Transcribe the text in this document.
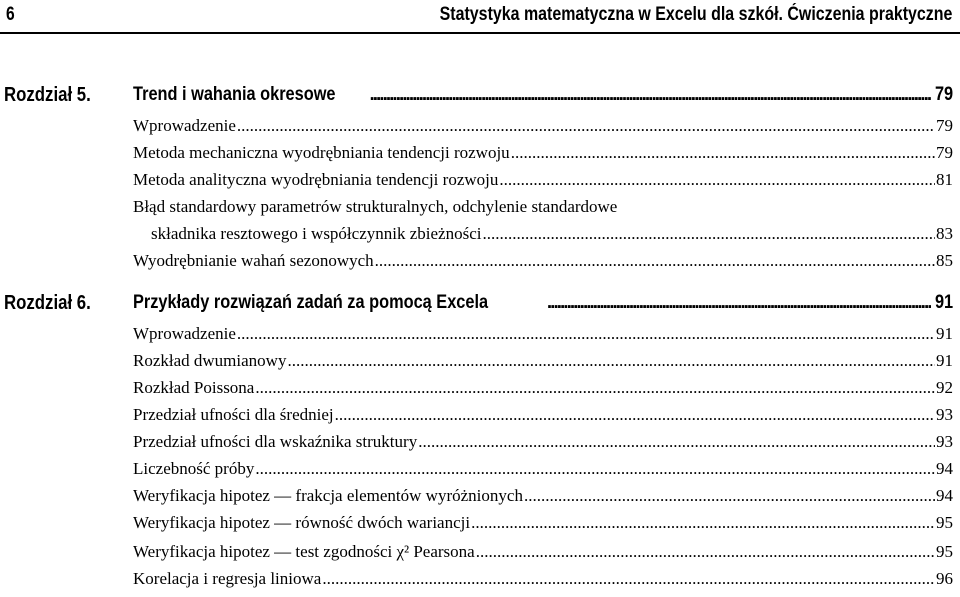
6	Statystyka matematyczna w Excelu dla szkół. Ćwiczenia praktyczne
Rozdział 5. Trend i wahania okresowe .....	79
Wprowadzenie .....	79
Metoda mechaniczna wyodrębniania tendencji rozwoju .....	79
Metoda analityczna wyodrębniania tendencji rozwoju .....	81
Błąd standardowy parametrów strukturalnych, odchylenie standardowe
składnika resztowego i współczynnik zbieżności .....	83
Wyodrębnianie wahań sezonowych .....	85
Rozdział 6. Przykłady rozwiązań zadań za pomocą Excela .....	91
Wprowadzenie .....	91
Rozkład dwumianowy .....	91
Rozkład Poissona .....	92
Przedział ufności dla średniej .....	93
Przedział ufności dla wskaźnika struktury .....	93
Liczebność próby .....	94
Weryfikacja hipotez — frakcja elementów wyróżnionych .....	94
Weryfikacja hipotez — równość dwóch wariancji .....	95
Weryfikacja hipotez — test zgodności χ² Pearsona .....	95
Korelacja i regresja liniowa .....	96
